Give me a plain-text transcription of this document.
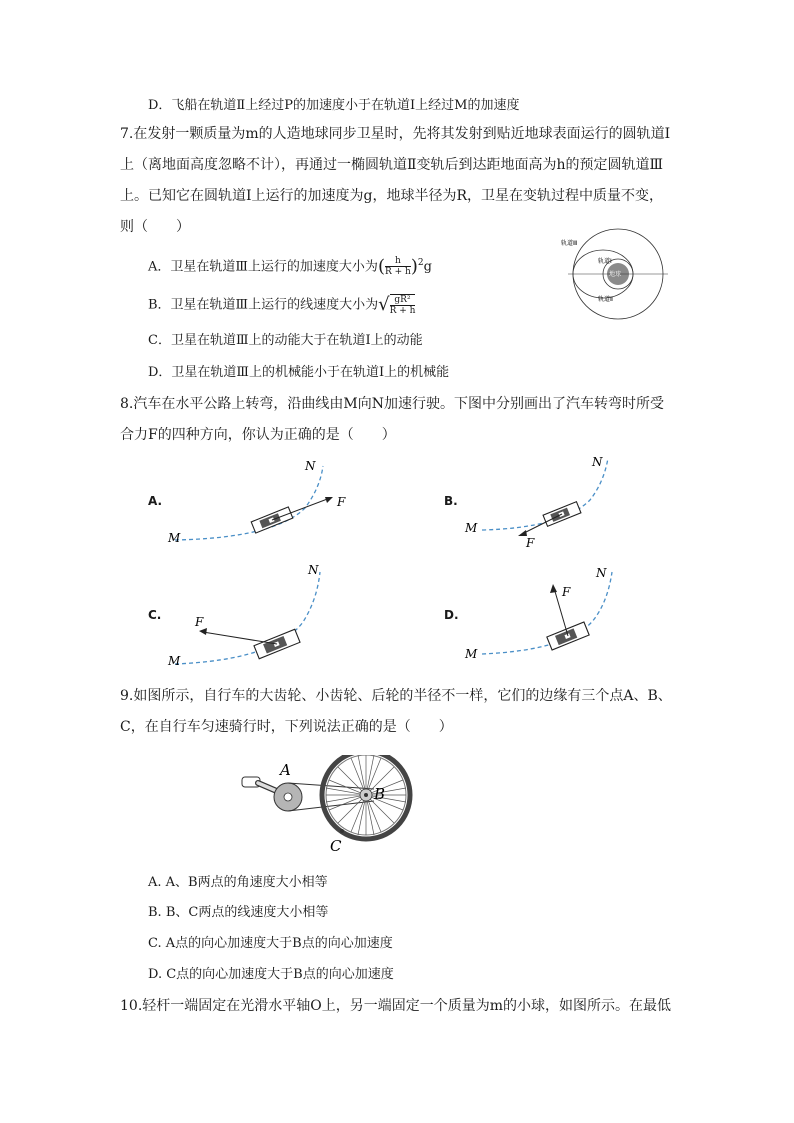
D．飞船在轨道Ⅱ上经过P的加速度小于在轨道Ⅰ上经过M的加速度
7.在发射一颗质量为m的人造地球同步卫星时，先将其发射到贴近地球表面运行的圆轨道Ⅰ
上（离地面高度忽略不计），再通过一椭圆轨道Ⅱ变轨后到达距地面高为h的预定圆轨道Ⅲ
上。已知它在圆轨道Ⅰ上运行的加速度为g，地球半径为R，卫星在变轨过程中质量不变，
则（　　）
A．卫星在轨道Ⅲ上运行的加速度大小为( $\frac{h}{R + h} )^2g$
B．卫星在轨道Ⅲ上运行的线速度大小为√ $\frac{\text{gR²}}{R + h}$
C．卫星在轨道Ⅲ上的动能大于在轨道Ⅰ上的动能
D．卫星在轨道Ⅲ上的机械能小于在轨道Ⅰ上的机械能
轨道Ⅲ
轨道Ⅰ
轨道Ⅱ
地球
8.汽车在水平公路上转弯，沿曲线由M向N加速行驶。下图中分别画出了汽车转弯时所受
合力F的四种方向，你认为正确的是（　　）
A.	F
M
N
B.
F
M
N
C.	F
M
N
D.
F
M
N
9.如图所示，自行车的大齿轮、小齿轮、后轮的半径不一样，它们的边缘有三个点A、B、
C，在自行车匀速骑行时，下列说法正确的是（　　）
A
B
C
A. A、B两点的角速度大小相等
B. B、C两点的线速度大小相等
C. A点的向心加速度大于B点的向心加速度
D. C点的向心加速度大于B点的向心加速度
10.轻杆一端固定在光滑水平轴O上，另一端固定一个质量为m的小球，如图所示。在最低
